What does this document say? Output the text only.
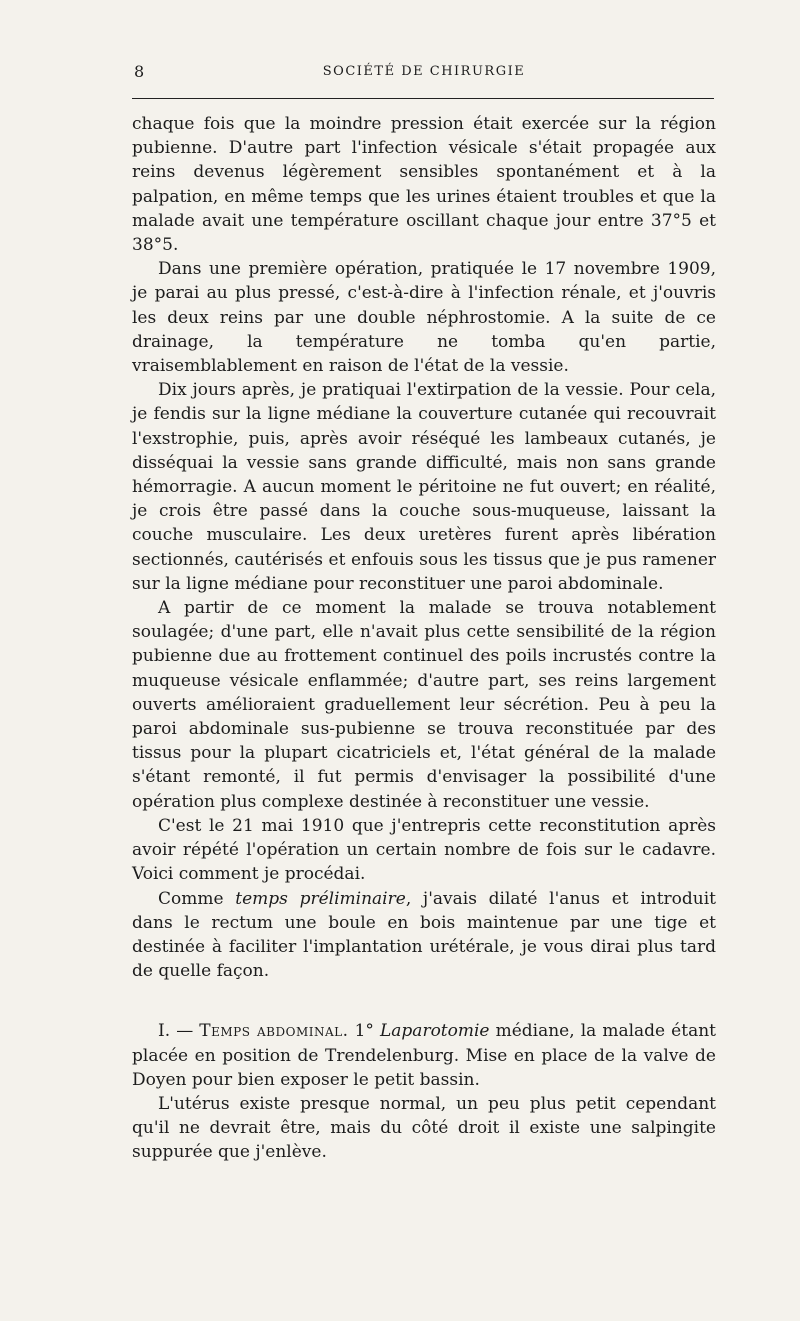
8	SOCIÉTÉ DE CHIRURGIE

chaque fois que la moindre pression était exercée sur la région pubienne. D'autre part l'infection vésicale s'était propagée aux reins devenus légèrement sensibles spontanément et à la palpation, en même temps que les urines étaient troubles et que la malade avait une température oscillant chaque jour entre 37°5 et 38°5.

Dans une première opération, pratiquée le 17 novembre 1909, je parai au plus pressé, c'est-à-dire à l'infection rénale, et j'ouvris les deux reins par une double néphrostomie. A la suite de ce drainage, la température ne tomba qu'en partie, vraisemblablement en raison de l'état de la vessie.

Dix jours après, je pratiquai l'extirpation de la vessie. Pour cela, je fendis sur la ligne médiane la couverture cutanée qui recouvrait l'exstrophie, puis, après avoir réséqué les lambeaux cutanés, je disséquai la vessie sans grande difficulté, mais non sans grande hémorragie. A aucun moment le péritoine ne fut ouvert; en réalité, je crois être passé dans la couche sous-muqueuse, laissant la couche musculaire. Les deux uretères furent après libération sectionnés, cautérisés et enfouis sous les tissus que je pus ramener sur la ligne médiane pour reconstituer une paroi abdominale.

A partir de ce moment la malade se trouva notablement soulagée; d'une part, elle n'avait plus cette sensibilité de la région pubienne due au frottement continuel des poils incrustés contre la muqueuse vésicale enflammée; d'autre part, ses reins largement ouverts amélioraient graduellement leur sécrétion. Peu à peu la paroi abdominale sus-pubienne se trouva reconstituée par des tissus pour la plupart cicatriciels et, l'état général de la malade s'étant remonté, il fut permis d'envisager la possibilité d'une opération plus complexe destinée à reconstituer une vessie.

C'est le 21 mai 1910 que j'entrepris cette reconstitution après avoir répété l'opération un certain nombre de fois sur le cadavre. Voici comment je procédai.

Comme temps préliminaire, j'avais dilaté l'anus et introduit dans le rectum une boule en bois maintenue par une tige et destinée à faciliter l'implantation urétérale, je vous dirai plus tard de quelle façon.

I. — Temps abdominal. 1° Laparotomie médiane, la malade étant placée en position de Trendelenburg. Mise en place de la valve de Doyen pour bien exposer le petit bassin.

L'utérus existe presque normal, un peu plus petit cependant qu'il ne devrait être, mais du côté droit il existe une salpingite suppurée que j'enlève.
